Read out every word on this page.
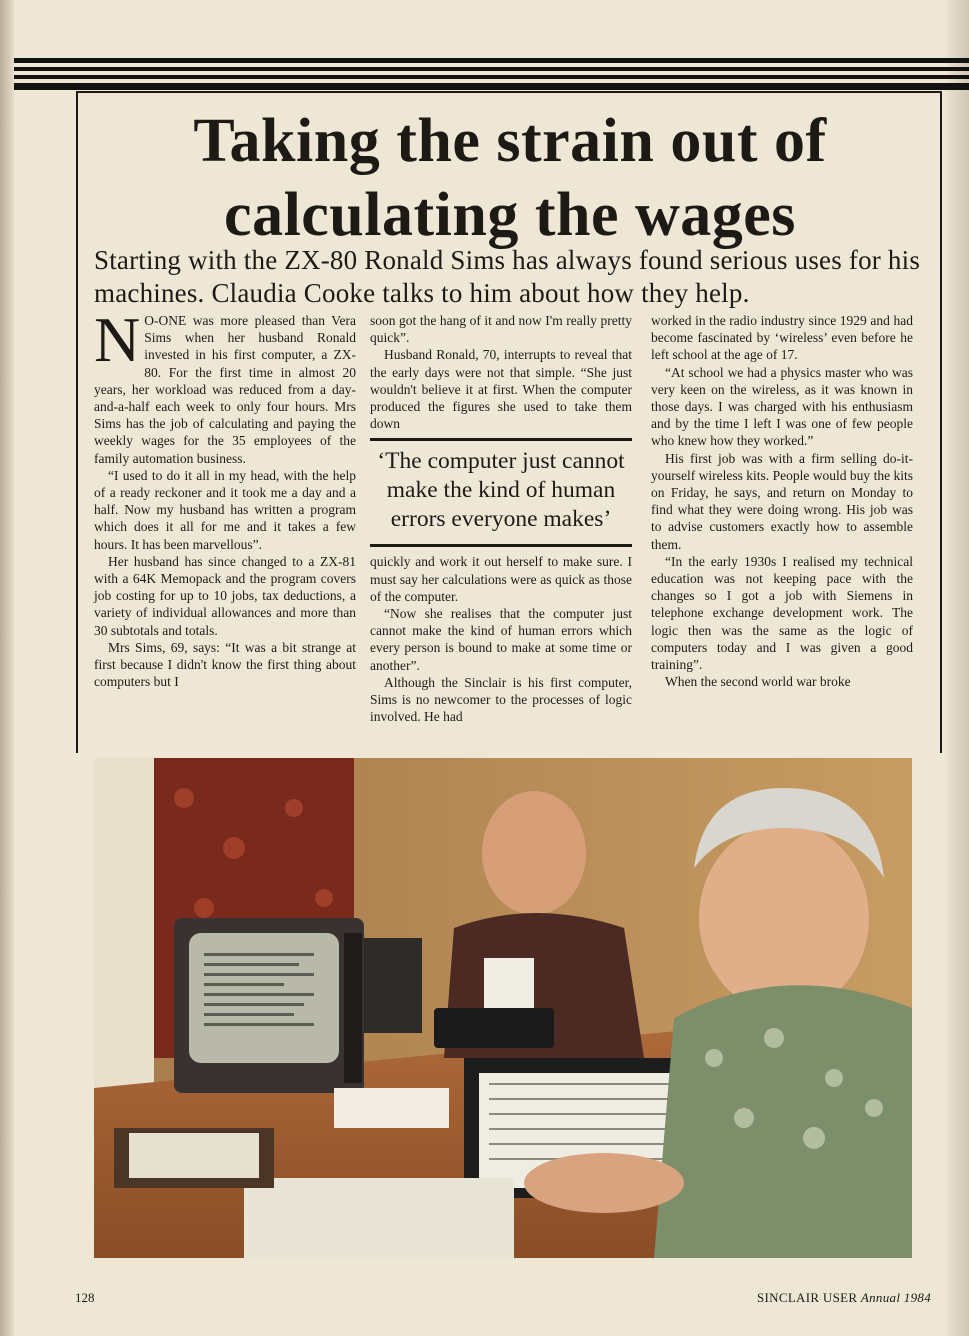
Taking the strain out of
calculating the wages
Starting with the ZX-80 Ronald Sims has always found serious uses for his machines. Claudia Cooke talks to him about how they help.

N O-ONE was more pleased than Vera Sims when her husband Ronald invested in his first computer, a ZX-80. For the first time in almost 20 years, her workload was reduced from a day-and-a-half each week to only four hours. Mrs Sims has the job of calculating and paying the weekly wages for the 35 employees of the family automation business.

“I used to do it all in my head, with the help of a ready reckoner and it took me a day and a half. Now my husband has written a program which does it all for me and it takes a few hours. It has been marvellous”.

Her husband has since changed to a ZX-81 with a 64K Memopack and the program covers job costing for up to 10 jobs, tax deductions, a variety of individual allowances and more than 30 subtotals and totals.

Mrs Sims, 69, says: “It was a bit strange at first because I didn't know the first thing about computers but I

soon got the hang of it and now I'm really pretty quick”.

Husband Ronald, 70, interrupts to reveal that the early days were not that simple. “She just wouldn't believe it at first. When the computer produced the figures she used to take them down

‘The computer just cannot make the kind of human errors everyone makes’

quickly and work it out herself to make sure. I must say her calculations were as quick as those of the computer.

“Now she realises that the computer just cannot make the kind of human errors which every person is bound to make at some time or another”.

Although the Sinclair is his first computer, Sims is no newcomer to the processes of logic involved. He had

worked in the radio industry since 1929 and had become fascinated by ‘wireless’ even before he left school at the age of 17.

“At school we had a physics master who was very keen on the wireless, as it was known in those days. I was charged with his enthusiasm and by the time I left I was one of few people who knew how they worked.”

His first job was with a firm selling do-it-yourself wireless kits. People would buy the kits on Friday, he says, and return on Monday to find what they were doing wrong. His job was to advise customers exactly how to assemble them.

“In the early 1930s I realised my technical education was not keeping pace with the changes so I got a job with Siemens in telephone exchange development work. The logic then was the same as the logic of computers today and I was given a good training”.

When the second world war broke

128	SINCLAIR USER Annual 1984
